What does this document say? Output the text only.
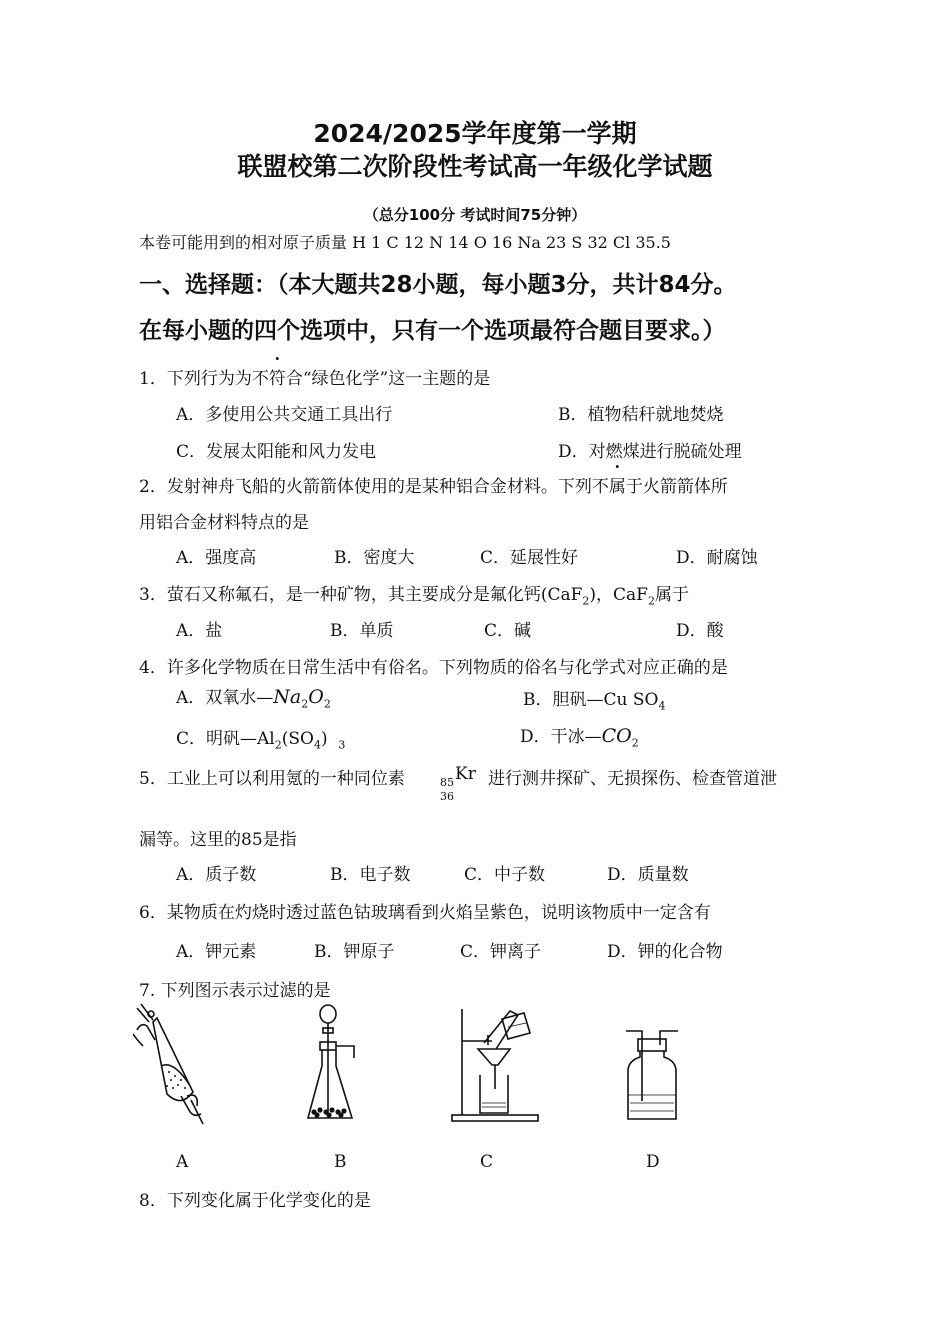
2024/2025学年度第一学期
联盟校第二次阶段性考试高一年级化学试题
（总分100分 考试时间75分钟）
本卷可能用到的相对原子质量 H 1 C 12 N 14 O 16 Na 23 S 32 Cl 35.5
一、选择题：（本大题共28小题，每小题3分，共计84分。
在每小题的四个选项中，只有一个选项最符合题目要求。）
1．下列行为为不符合“绿色化学”这一主题的是
A．多使用公共交通工具出行	B．植物秸秆就地焚烧
C．发展太阳能和风力发电	D．对燃煤进行脱硫处理
2．发射神舟飞船的火箭箭体使用的是某种铝合金材料。下列不属于火箭箭体所
用铝合金材料特点的是
A．强度高	B．密度大	C．延展性好	D．耐腐蚀
3．萤石又称氟石，是一种矿物，其主要成分是氟化钙(CaF$_2$)，CaF$_2$属于
A．盐	B．单质	C．碱	D．酸
4．许多化学物质在日常生活中有俗名。下列物质的俗名与化学式对应正确的是
A．双氧水$—Na_2O_2$	B．胆矾—Cu $SO_4$
C．明矾$—Al_2(SO_4)$ $_3$	D．干冰$—CO_2$
5．工业上可以利用氪的一种同位素	85 Kr
36
进行测井探矿、无损探伤、检查管道泄
漏等。这里的85是指
A．质子数	B．电子数	C．中子数	D．质量数
6．某物质在灼烧时透过蓝色钴玻璃看到火焰呈紫色，说明该物质中一定含有
A．钾元素	B．钾原子	C．钾离子	D．钾的化合物
7. 下列图示表示过滤的是
A	B	C	D
8．下列变化属于化学变化的是
